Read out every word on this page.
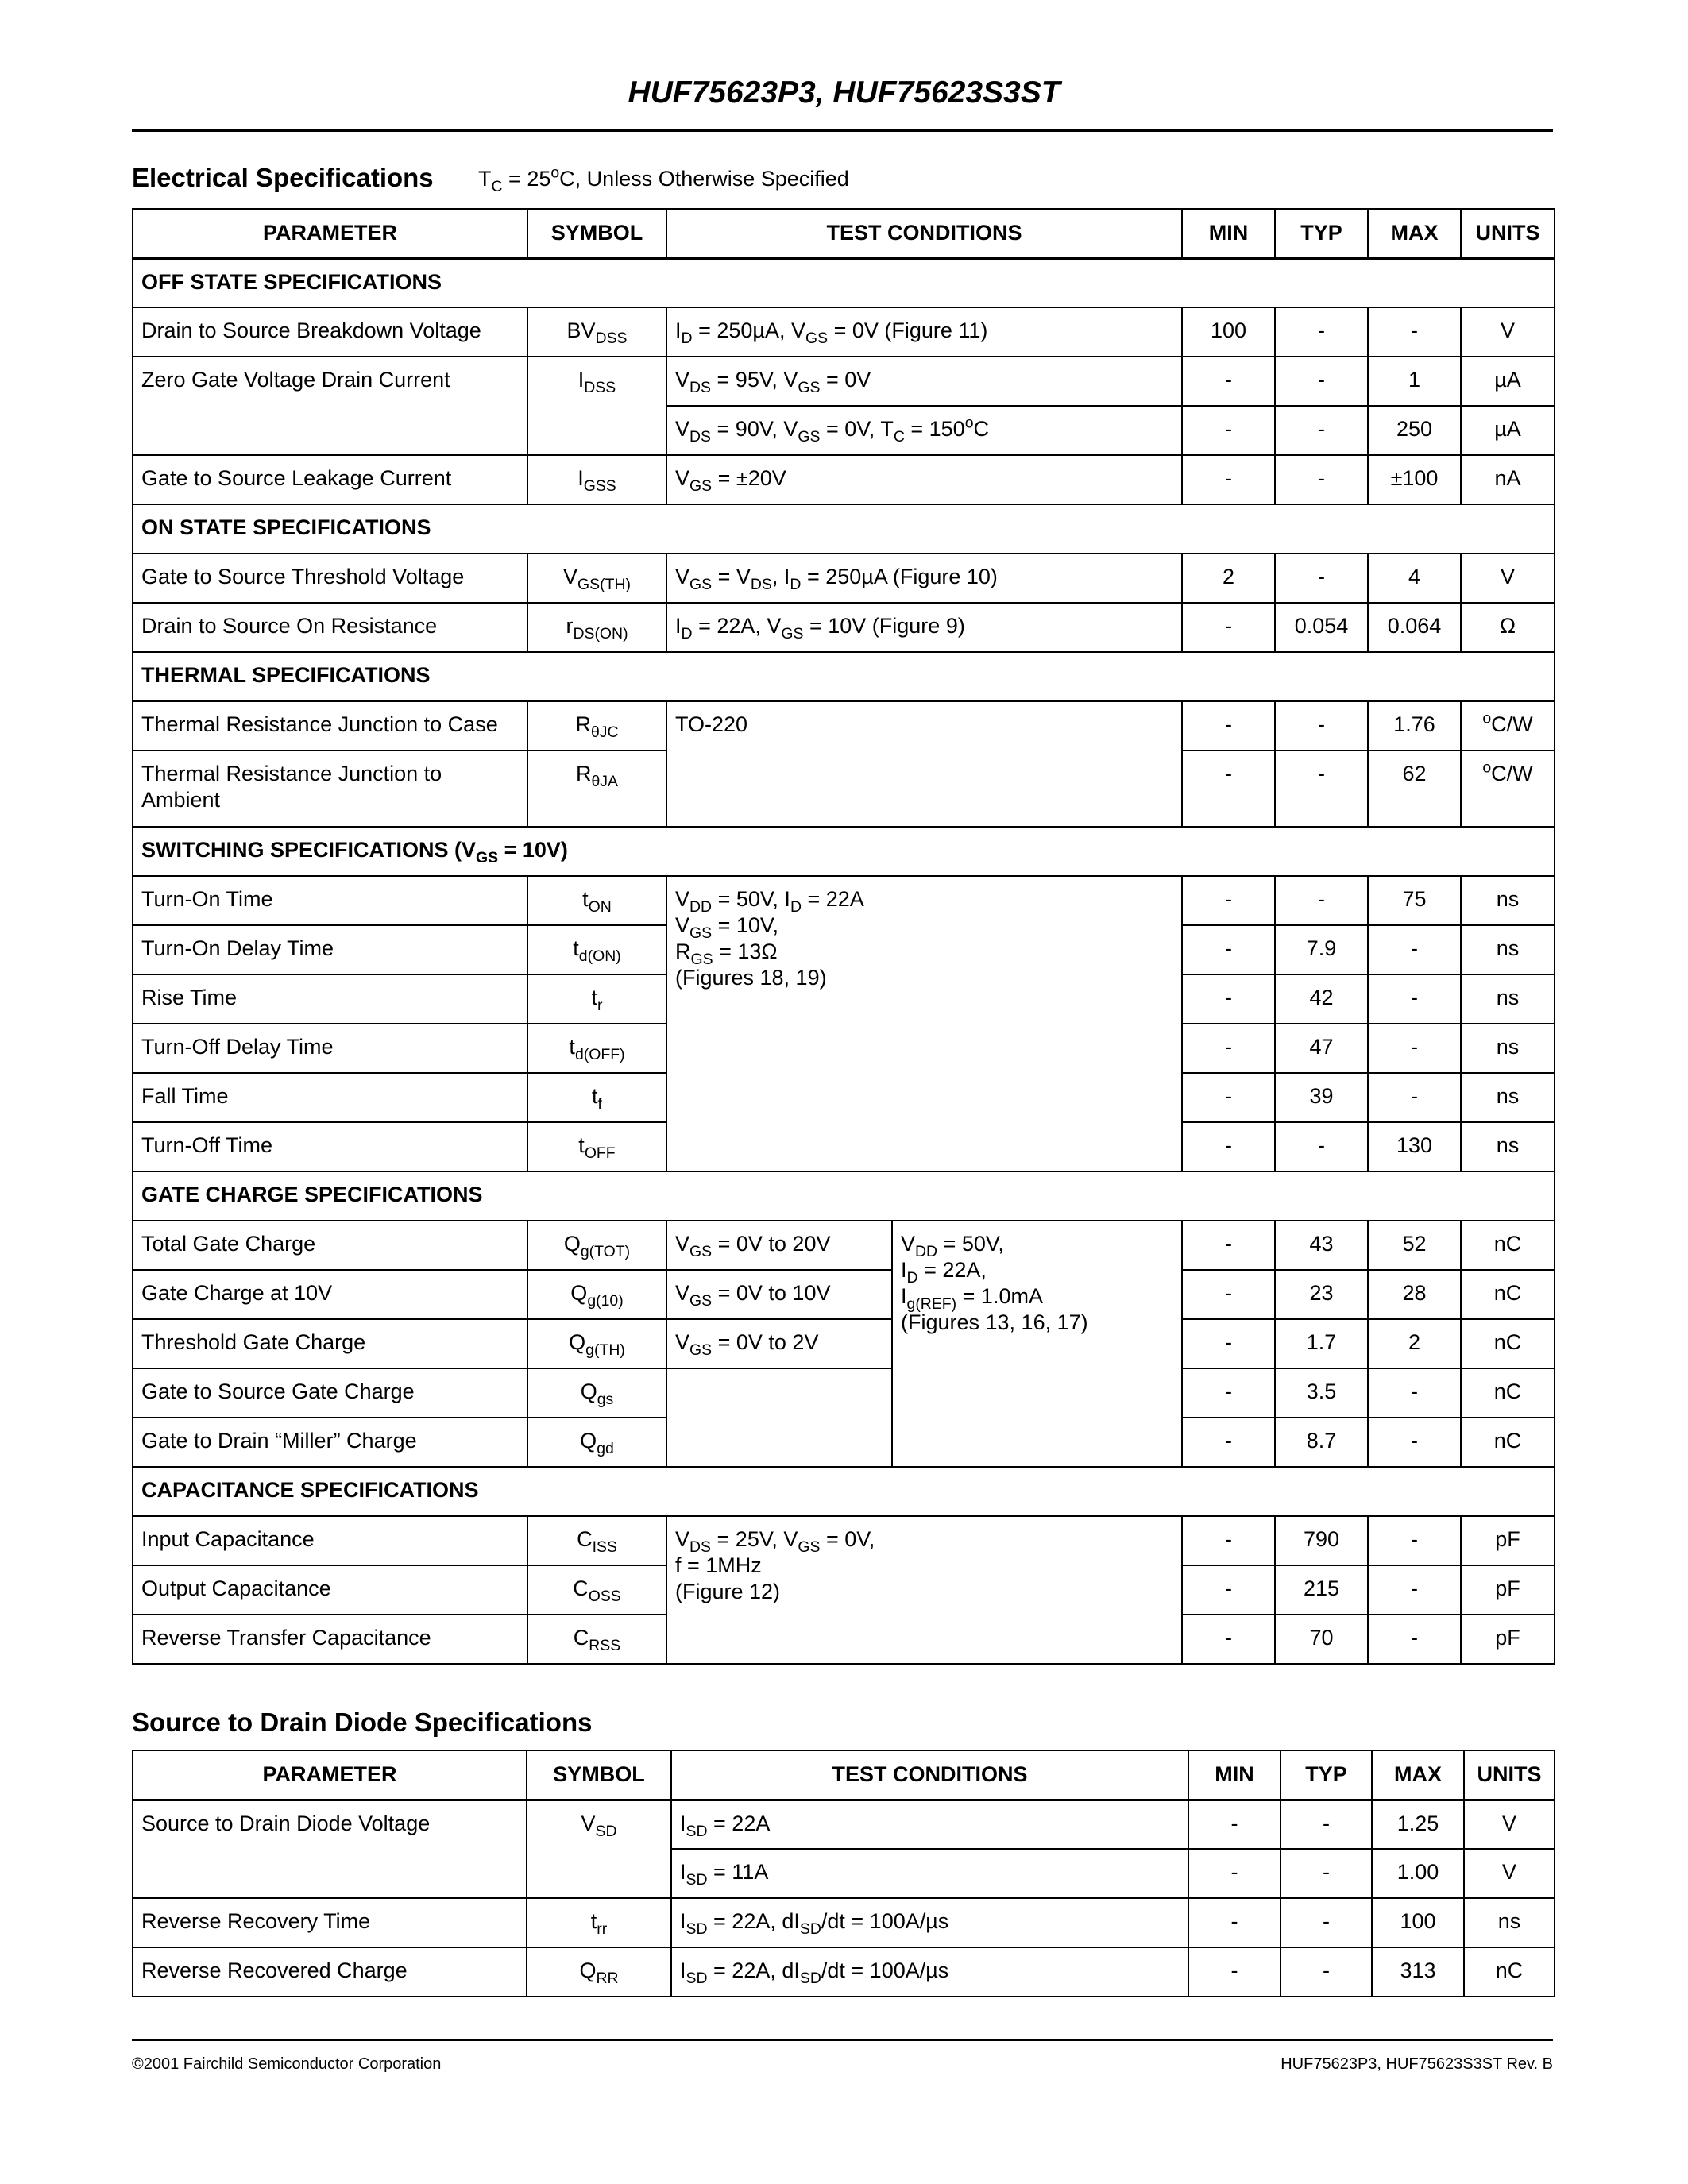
HUF75623P3, HUF75623S3ST
Electrical Specifications $T_C = 25^oC$, Unless Otherwise Specified
PARAMETER	SYMBOL	TEST CONDITIONS		MIN	TYP	MAX	UNITS
OFF STATE SPECIFICATIONS							
Drain to Source Breakdown Voltage	$BV_{DSS}$	$I_D = 250\mu A$, $V_{GS} = 0V$ (Figure 11)		100	-	-	V
Zero Gate Voltage Drain Current	$I_{DSS}$	$V_{DS} = 95V$, $V_{GS} = 0V$		-	-	1	µA
		$V_{DS} = 90V$, $V_{GS} = 0V$, $T_C = 150^oC$		-	-	250	µA
Gate to Source Leakage Current	$I_{GSS}$	$V_{GS} = \pm 20V$		-	-	±100	nA
ON STATE SPECIFICATIONS							
Gate to Source Threshold Voltage	$V_{GS(TH)}$	$V_{GS} = V_{DS}$, $I_D = 250\mu A$ (Figure 10)		2	-	4	V
Drain to Source On Resistance	$r_{DS(ON)}$	$I_D = 22A$, $V_{GS} = 10V$ (Figure 9)		-	0.054	0.064	Ω
THERMAL SPECIFICATIONS							
Thermal Resistance Junction to Case	$R_{\theta JC}$	TO-220		-	-	1.76	$^o$C/W
Thermal Resistance Junction to Ambient	$R_{\theta JA}$			-	-	62	$^o$C/W
SWITCHING SPECIFICATIONS $(V_{GS} = 10V)$							
Turn-On Time	$t_{ON}$	$V_{DD} = 50V$, $I_D = 22A$
$V_{GS} = 10V$,
$R_{GS} = 13\Omega$
(Figures 18, 19)		-	-	75	ns
Turn-On Delay Time	$t_{d(ON)}$			-	7.9	-	ns
Rise Time	$t_r$			-	42	-	ns
Turn-Off Delay Time	$t_{d(OFF)}$			-	47	-	ns
Fall Time	$t_f$			-	39	-	ns
Turn-Off Time	$t_{OFF}$			-	-	130	ns
GATE CHARGE SPECIFICATIONS							
Total Gate Charge	$Q_{g(TOT)}$	$V_{GS} = 0V$ to 20V	$V_{DD} = 50V$,
$I_D = 22A$,
$I_{g(REF)} = 1.0mA$
(Figures 13, 16, 17)	-	43	52	nC
Gate Charge at 10V	$Q_{g(10)}$	$V_{GS} = 0V$ to 10V		-	23	28	nC
Threshold Gate Charge	$Q_{g(TH)}$	$V_{GS} = 0V$ to 2V		-	1.7	2	nC
Gate to Source Gate Charge	$Q_{gs}$			-	3.5	-	nC
Gate to Drain “Miller” Charge	$Q_{gd}$			-	8.7	-	nC
CAPACITANCE SPECIFICATIONS							
Input Capacitance	$C_{ISS}$	$V_{DS} = 25V$, $V_{GS} = 0V$,
f = 1MHz
(Figure 12)		-	790	-	pF
Output Capacitance	$C_{OSS}$			-	215	-	pF
Reverse Transfer Capacitance	$C_{RSS}$			-	70	-	pF
Source to Drain Diode Specifications
PARAMETER	SYMBOL	TEST CONDITIONS	MIN	TYP	MAX	UNITS
Source to Drain Diode Voltage	$V_{SD}$	$I_{SD} = 22A$	-	-	1.25	V
		$I_{SD} = 11A$	-	-	1.00	V
Reverse Recovery Time	$t_{rr}$	$I_{SD} = 22A$, $dI_{SD}/dt = 100A/\mu s$	-	-	100	ns
Reverse Recovered Charge	$Q_{RR}$	$I_{SD} = 22A$, $dI_{SD}/dt = 100A/\mu s$	-	-	313	nC
©2001 Fairchild Semiconductor Corporation	HUF75623P3, HUF75623S3ST Rev. B
